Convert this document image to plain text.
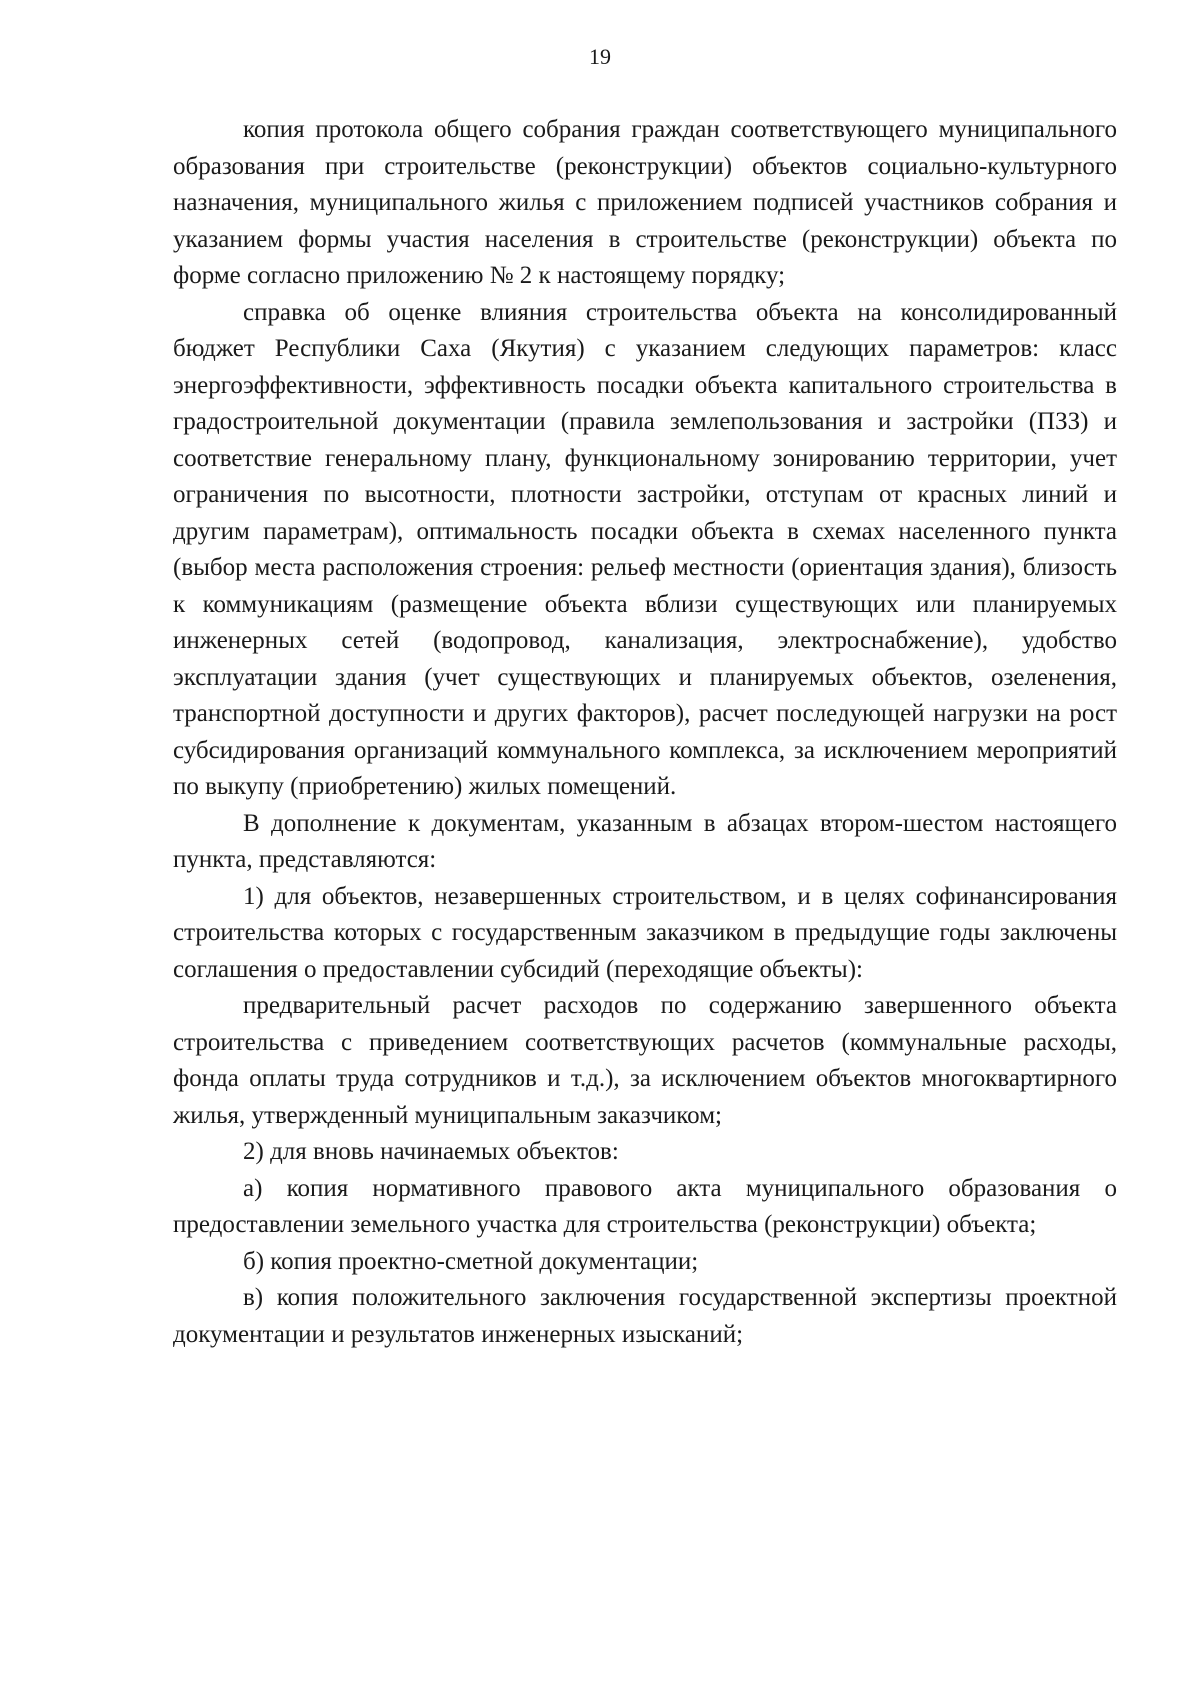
19

копия протокола общего собрания граждан соответствующего муниципального образования при строительстве (реконструкции) объектов социально-культурного назначения, муниципального жилья с приложением подписей участников собрания и указанием формы участия населения в строительстве (реконструкции) объекта по форме согласно приложению № 2 к настоящему порядку;

справка об оценке влияния строительства объекта на консолидированный бюджет Республики Саха (Якутия) с указанием следующих параметров: класс энергоэффективности, эффективность посадки объекта капитального строительства в градостроительной документации (правила землепользования и застройки (ПЗЗ) и соответствие генеральному плану, функциональному зонированию территории, учет ограничения по высотности, плотности застройки, отступам от красных линий и другим параметрам), оптимальность посадки объекта в схемах населенного пункта (выбор места расположения строения: рельеф местности (ориентация здания), близость к коммуникациям (размещение объекта вблизи существующих или планируемых инженерных сетей (водопровод, канализация, электроснабжение), удобство эксплуатации здания (учет существующих и планируемых объектов, озеленения, транспортной доступности и других факторов), расчет последующей нагрузки на рост субсидирования организаций коммунального комплекса, за исключением мероприятий по выкупу (приобретению) жилых помещений.

В дополнение к документам, указанным в абзацах втором-шестом настоящего пункта, представляются:

1) для объектов, незавершенных строительством, и в целях софинансирования строительства которых с государственным заказчиком в предыдущие годы заключены соглашения о предоставлении субсидий (переходящие объекты):

предварительный расчет расходов по содержанию завершенного объекта строительства с приведением соответствующих расчетов (коммунальные расходы, фонда оплаты труда сотрудников и т.д.), за исключением объектов многоквартирного жилья, утвержденный муниципальным заказчиком;

2) для вновь начинаемых объектов:

а) копия нормативного правового акта муниципального образования о предоставлении земельного участка для строительства (реконструкции) объекта;

б) копия проектно-сметной документации;

в) копия положительного заключения государственной экспертизы проектной документации и результатов инженерных изысканий;
